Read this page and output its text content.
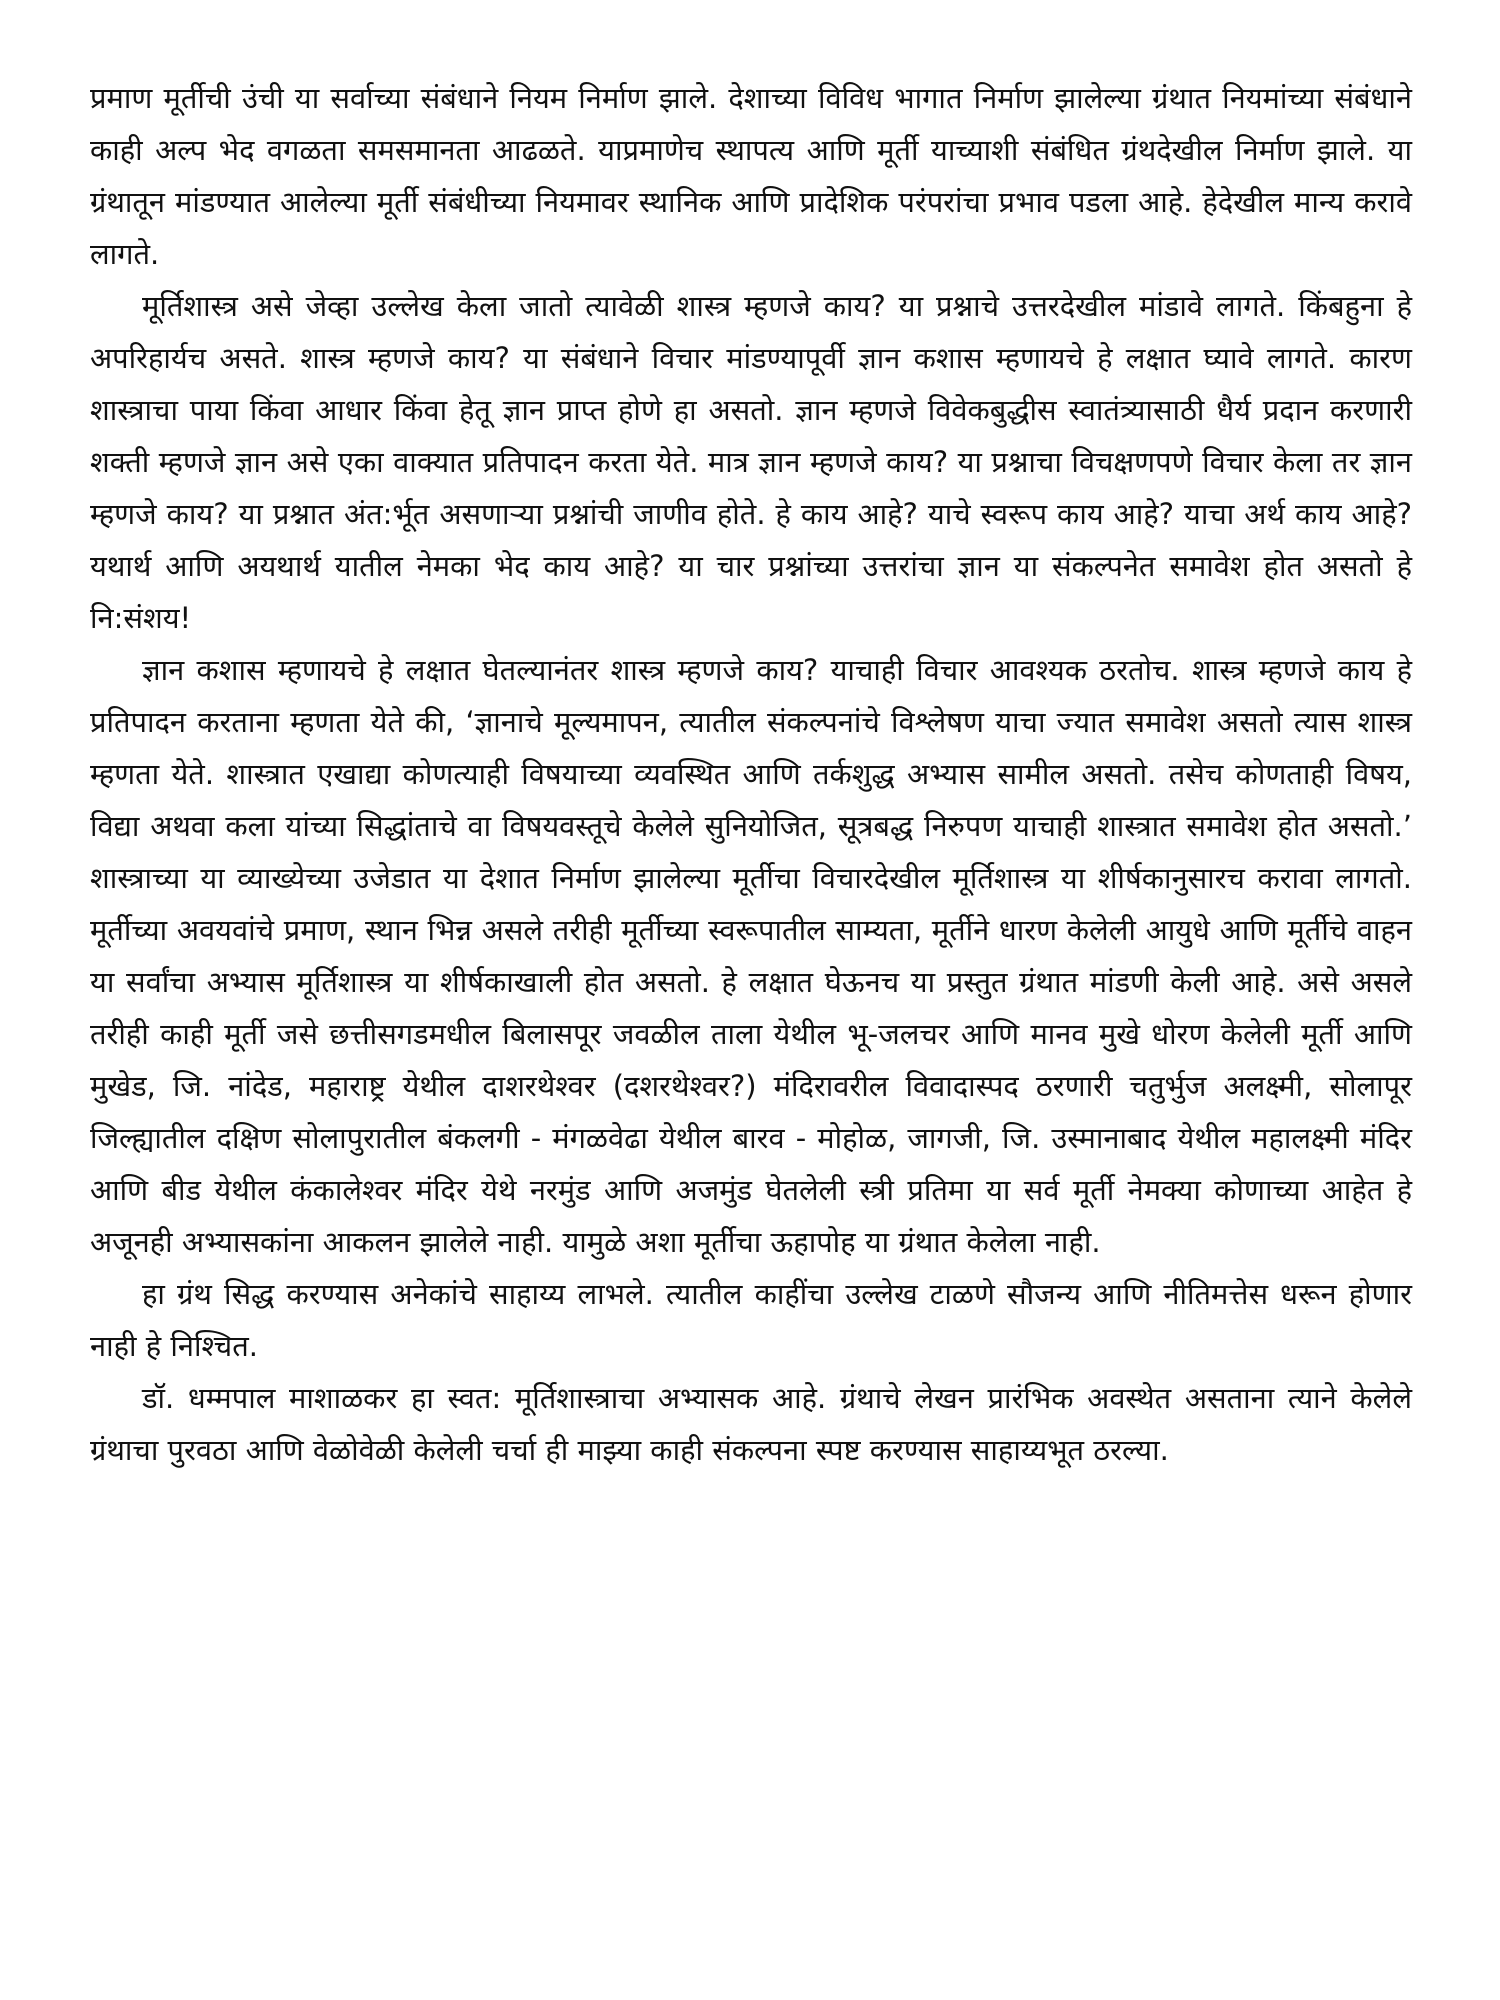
प्रमाण मूर्तीची उंची या सर्वाच्या संबंधाने नियम निर्माण झाले. देशाच्या विविध भागात निर्माण झालेल्या ग्रंथात नियमांच्या संबंधाने काही अल्प भेद वगळता समसमानता आढळते. याप्रमाणेच स्थापत्य आणि मूर्ती याच्याशी संबंधित ग्रंथदेखील निर्माण झाले. या ग्रंथातून मांडण्यात आलेल्या मूर्ती संबंधीच्या नियमावर स्थानिक आणि प्रादेशिक परंपरांचा प्रभाव पडला आहे. हेदेखील मान्य करावे लागते.

मूर्तिशास्त्र असे जेव्हा उल्लेख केला जातो त्यावेळी शास्त्र म्हणजे काय? या प्रश्नाचे उत्तरदेखील मांडावे लागते. किंबहुना हे अपरिहार्यच असते. शास्त्र म्हणजे काय? या संबंधाने विचार मांडण्यापूर्वी ज्ञान कशास म्हणायचे हे लक्षात घ्यावे लागते. कारण शास्त्राचा पाया किंवा आधार किंवा हेतू ज्ञान प्राप्त होणे हा असतो. ज्ञान म्हणजे विवेकबुद्धीस स्वातंत्र्यासाठी धैर्य प्रदान करणारी शक्ती म्हणजे ज्ञान असे एका वाक्यात प्रतिपादन करता येते. मात्र ज्ञान म्हणजे काय? या प्रश्नाचा विचक्षणपणे विचार केला तर ज्ञान म्हणजे काय? या प्रश्नात अंत:र्भूत असणाऱ्या प्रश्नांची जाणीव होते. हे काय आहे? याचे स्वरूप काय आहे? याचा अर्थ काय आहे? यथार्थ आणि अयथार्थ यातील नेमका भेद काय आहे? या चार प्रश्नांच्या उत्तरांचा ज्ञान या संकल्पनेत समावेश होत असतो हे नि:संशय!

ज्ञान कशास म्हणायचे हे लक्षात घेतल्यानंतर शास्त्र म्हणजे काय? याचाही विचार आवश्यक ठरतोच. शास्त्र म्हणजे काय हे प्रतिपादन करताना म्हणता येते की, ‘ज्ञानाचे मूल्यमापन, त्यातील संकल्पनांचे विश्लेषण याचा ज्यात समावेश असतो त्यास शास्त्र म्हणता येते. शास्त्रात एखाद्या कोणत्याही विषयाच्या व्यवस्थित आणि तर्कशुद्ध अभ्यास सामील असतो. तसेच कोणताही विषय, विद्या अथवा कला यांच्या सिद्धांताचे वा विषयवस्तूचे केलेले सुनियोजित, सूत्रबद्ध निरुपण याचाही शास्त्रात समावेश होत असतो.’ शास्त्राच्या या व्याख्येच्या उजेडात या देशात निर्माण झालेल्या मूर्तीचा विचारदेखील मूर्तिशास्त्र या शीर्षकानुसारच करावा लागतो. मूर्तीच्या अवयवांचे प्रमाण, स्थान भिन्न असले तरीही मूर्तीच्या स्वरूपातील साम्यता, मूर्तीने धारण केलेली आयुधे आणि मूर्तीचे वाहन या सर्वांचा अभ्यास मूर्तिशास्त्र या शीर्षकाखाली होत असतो. हे लक्षात घेऊनच या प्रस्तुत ग्रंथात मांडणी केली आहे. असे असले तरीही काही मूर्ती जसे छत्तीसगडमधील बिलासपूर जवळील ताला येथील भू-जलचर आणि मानव मुखे धोरण केलेली मूर्ती आणि मुखेड, जि. नांदेड, महाराष्ट्र येथील दाशरथेश्वर (दशरथेश्वर?) मंदिरावरील विवादास्पद ठरणारी चतुर्भुज अलक्ष्मी, सोलापूर जिल्ह्यातील दक्षिण सोलापुरातील बंकलगी - मंगळवेढा येथील बारव - मोहोळ, जागजी, जि. उस्मानाबाद येथील महालक्ष्मी मंदिर आणि बीड येथील कंकालेश्वर मंदिर येथे नरमुंड आणि अजमुंड घेतलेली स्त्री प्रतिमा या सर्व मूर्ती नेमक्या कोणाच्या आहेत हे अजूनही अभ्यासकांना आकलन झालेले नाही. यामुळे अशा मूर्तीचा ऊहापोह या ग्रंथात केलेला नाही.

हा ग्रंथ सिद्ध करण्यास अनेकांचे साहाय्य लाभले. त्यातील काहींचा उल्लेख टाळणे सौजन्य आणि नीतिमत्तेस धरून होणार नाही हे निश्चित.

डॉ. धम्मपाल माशाळकर हा स्वत: मूर्तिशास्त्राचा अभ्यासक आहे. ग्रंथाचे लेखन प्रारंभिक अवस्थेत असताना त्याने केलेले ग्रंथाचा पुरवठा आणि वेळोवेळी केलेली चर्चा ही माझ्या काही संकल्पना स्पष्ट करण्यास साहाय्यभूत ठरल्या.
